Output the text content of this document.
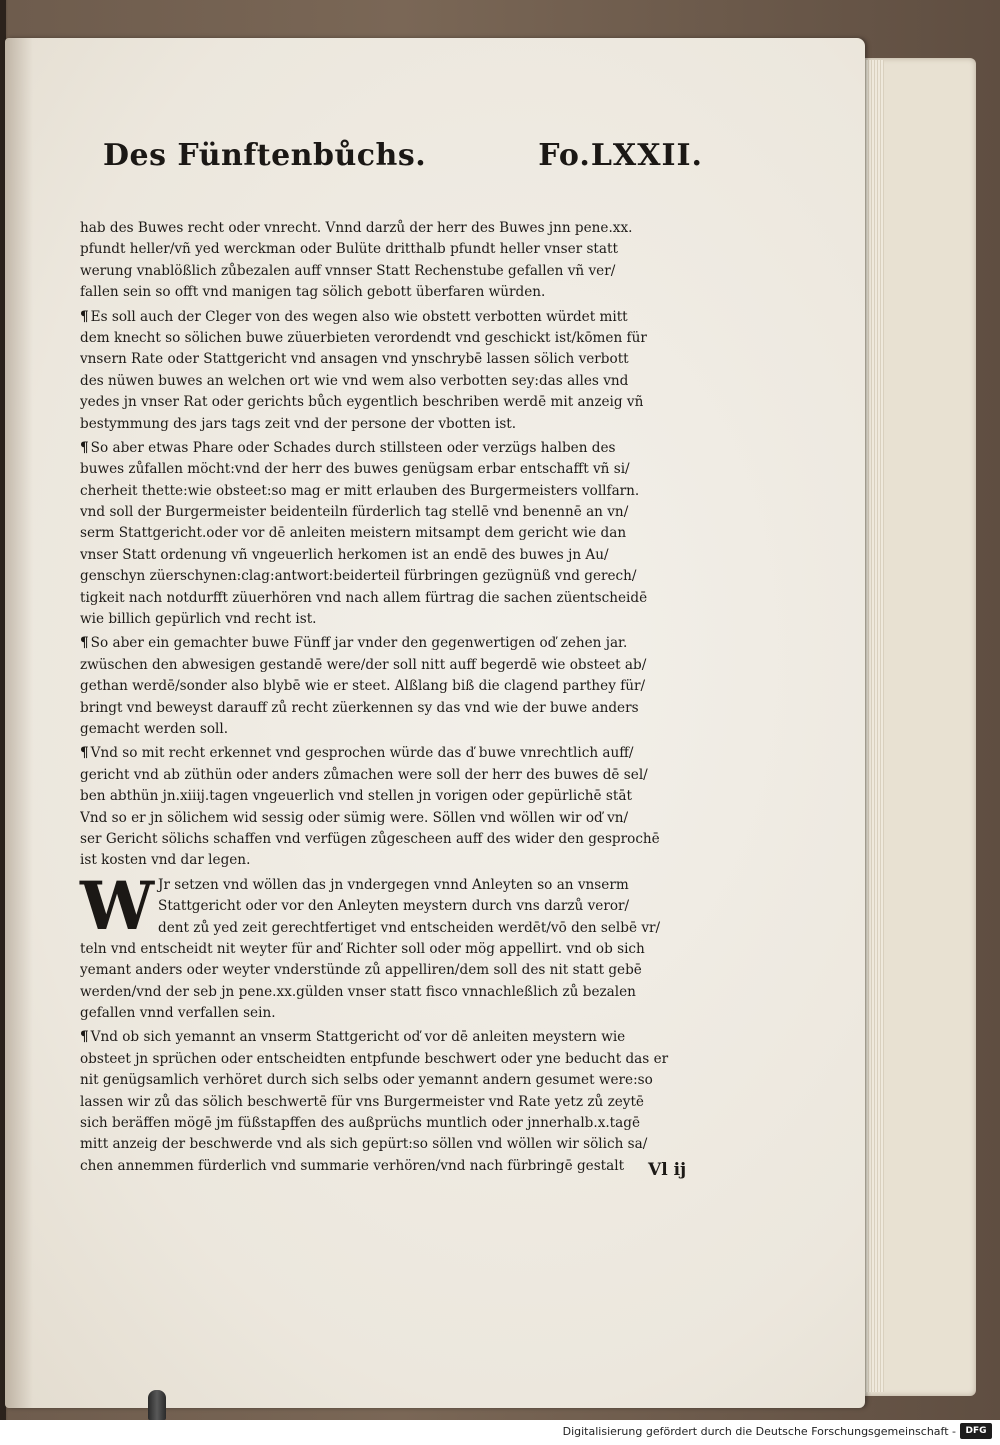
Des Fünftenbůchs.	Fo.LXXII.
hab des Buwes recht oder vnrecht. Vnnd darzů der herr des Buwes jnn pene.xx.
pfundt heller/vñ yed werckman oder Bulüte dritthalb pfundt heller vnser statt
werung vnablößlich zůbezalen auff vnnser Statt Rechenstube gefallen vñ ver/
fallen sein so offt vnd manigen tag sölich gebott überfaren würden.
¶ Es soll auch der Cleger von des wegen also wie obstett verbotten würdet mitt
dem knecht so sölichen buwe züuerbieten verordendt vnd geschickt ist/kōmen für
vnsern Rate oder Stattgericht vnd ansagen vnd ynschrybē lassen sölich verbott
des nüwen buwes an welchen ort wie vnd wem also verbotten sey:das alles vnd
yedes jn vnser Rat oder gerichts bůch eygentlich beschriben werdē mit anzeig vñ
bestymmung des jars tags zeit vnd der persone der vbotten ist.
¶ So aber etwas Phare oder Schades durch stillsteen oder verzügs halben des
buwes zůfallen möcht:vnd der herr des buwes genügsam erbar entschafft vñ si/
cherheit thette:wie obsteet:so mag er mitt erlauben des Burgermeisters vollfarn.
vnd soll der Burgermeister beidenteiln fürderlich tag stellē vnd benennē an vn/
serm Stattgericht.oder vor dē anleiten meistern mitsampt dem gericht wie dan
vnser Statt ordenung vñ vngeuerlich herkomen ist an endē des buwes jn Au/
genschyn züerschynen:clag:antwort:beiderteil fürbringen gezügnüß vnd gerech/
tigkeit nach notdurfft züuerhören vnd nach allem fürtrag die sachen züentscheidē
wie billich gepürlich vnd recht ist.
¶ So aber ein gemachter buwe Fünff jar vnder den gegenwertigen oď zehen jar.
zwüschen den abwesigen gestandē were/der soll nitt auff begerdē wie obsteet ab/
gethan werdē/sonder also blybē wie er steet. Alßlang biß die clagend parthey für/
bringt vnd beweyst darauff zů recht züerkennen sy das vnd wie der buwe anders
gemacht werden soll.
¶ Vnd so mit recht erkennet vnd gesprochen würde das ď buwe vnrechtlich auff/
gericht vnd ab züthün oder anders zůmachen were soll der herr des buwes dē sel/
ben abthün jn.xiiij.tagen vngeuerlich vnd stellen jn vorigen oder gepürlichē stāt
Vnd so er jn sölichem wid sessig oder sümig were. Söllen vnd wöllen wir oď vn/
ser Gericht sölichs schaffen vnd verfügen zůgescheen auff des wider den gesprochē
ist kosten vnd dar legen.
W Jr setzen vnd wöllen das jn vndergegen vnnd Anleyten so an vnserm
Stattgericht oder vor den Anleyten meystern durch vns darzů veror/
dent zů yed zeit gerechtfertiget vnd entscheiden werdēt/vō den selbē vr/
teln vnd entscheidt nit weyter für anď Richter soll oder mög appellirt. vnd ob sich
yemant anders oder weyter vnderstünde zů appelliren/dem soll des nit statt gebē
werden/vnd der seb jn pene.xx.gülden vnser statt fisco vnnachleßlich zů bezalen
gefallen vnnd verfallen sein.
¶ Vnd ob sich yemannt an vnserm Stattgericht oď vor dē anleiten meystern wie
obsteet jn sprüchen oder entscheidten entpfunde beschwert oder yne beducht das er
nit genügsamlich verhöret durch sich selbs oder yemannt andern gesumet were:so
lassen wir zů das sölich beschwertē für vns Burgermeister vnd Rate yetz zů zeytē
sich beräffen mögē jm füßstapffen des außprüchs muntlich oder jnnerhalb.x.tagē
mitt anzeig der beschwerde vnd als sich gepürt:so söllen vnd wöllen wir sölich sa/
chen annemmen fürderlich vnd summarie verhören/vnd nach fürbringē gestalt	Vl ij
Digitalisierung gefördert durch die Deutsche Forschungsgemeinschaft -	DFG
